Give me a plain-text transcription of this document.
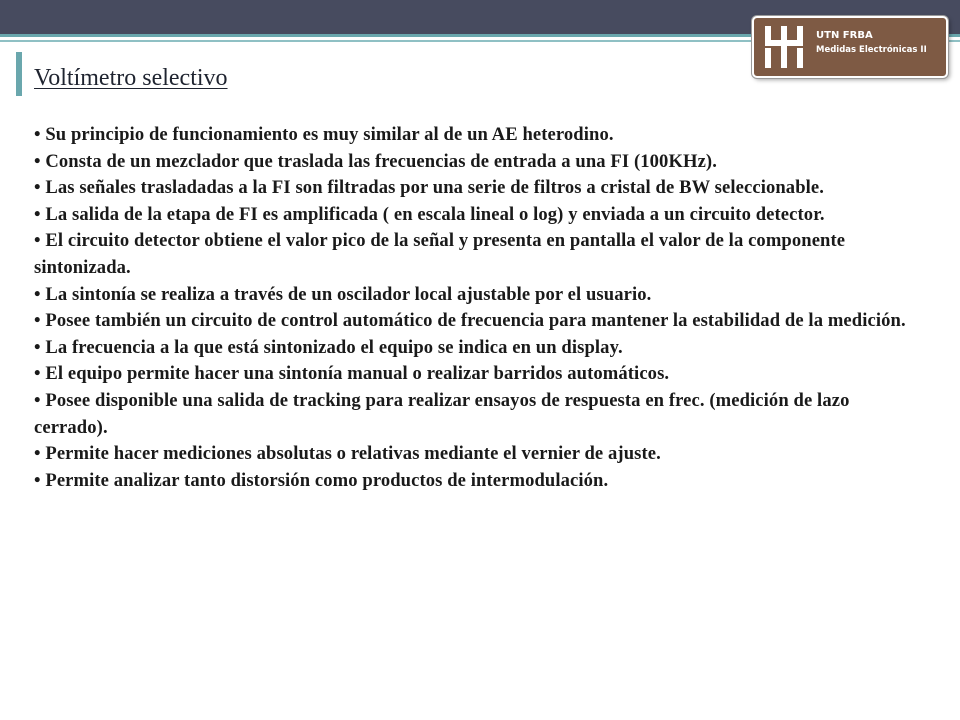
UTN FRBA
Medidas Electrónicas II
Voltímetro selectivo
• Su principio de funcionamiento es muy similar al de un AE heterodino.
• Consta de un mezclador que traslada las frecuencias de entrada a una FI (100KHz).
• Las señales trasladadas a la FI son filtradas por una serie de filtros a cristal de BW seleccionable.
• La salida de la etapa de FI es amplificada ( en escala lineal o log) y enviada a un circuito detector.
• El circuito detector obtiene el valor pico de la señal y presenta en pantalla el valor de la componente sintonizada.
• La sintonía se realiza a través de un oscilador local ajustable por el usuario.
• Posee también un circuito de control automático de frecuencia para mantener la estabilidad de la medición.
• La frecuencia a la que está sintonizado el equipo se indica en un display.
• El equipo permite hacer una sintonía manual o realizar barridos automáticos.
• Posee disponible una salida de tracking para realizar ensayos de respuesta en frec. (medición de lazo cerrado).
• Permite hacer mediciones absolutas o relativas mediante el vernier de ajuste.
• Permite analizar tanto distorsión como productos de intermodulación.
